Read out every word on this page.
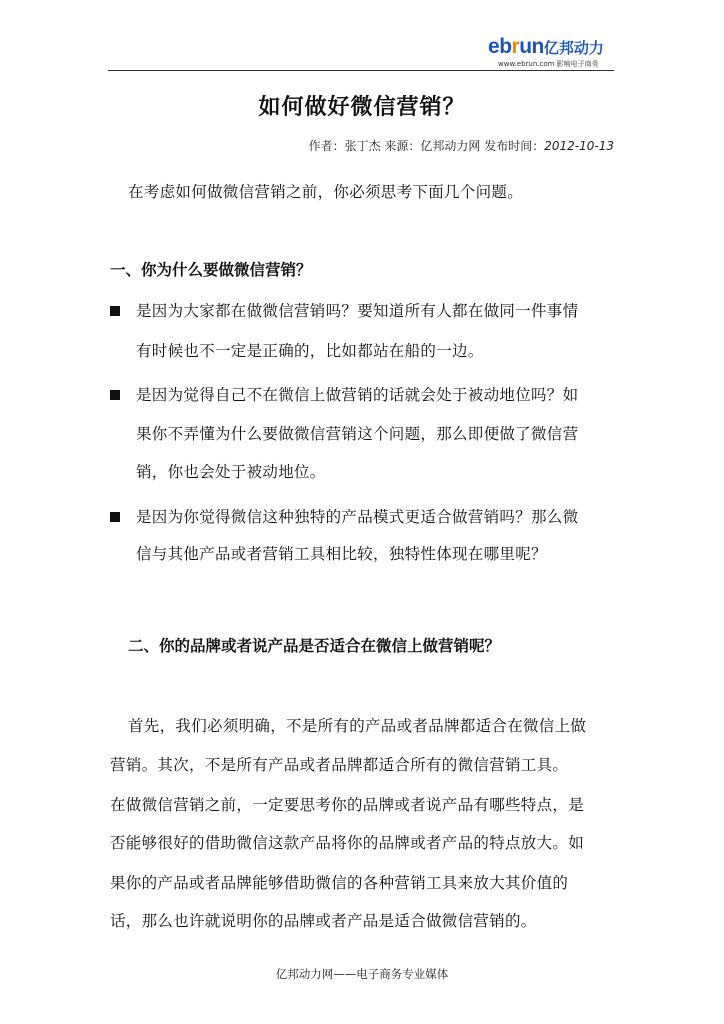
ebrun亿邦动力
www.ebrun.com 影响电子商务
如何做好微信营销？
作者：张丁杰 来源：亿邦动力网 发布时间：2012-10-13
在考虑如何做微信营销之前，你必须思考下面几个问题。
一、你为什么要做微信营销？
是因为大家都在做微信营销吗？要知道所有人都在做同一件事情
有时候也不一定是正确的，比如都站在船的一边。
是因为觉得自己不在微信上做营销的话就会处于被动地位吗？如
果你不弄懂为什么要做微信营销这个问题，那么即便做了微信营
销，你也会处于被动地位。
是因为你觉得微信这种独特的产品模式更适合做营销吗？那么微
信与其他产品或者营销工具相比较，独特性体现在哪里呢？
二、你的品牌或者说产品是否适合在微信上做营销呢？
首先，我们必须明确，不是所有的产品或者品牌都适合在微信上做
营销。其次，不是所有产品或者品牌都适合所有的微信营销工具。
在做微信营销之前，一定要思考你的品牌或者说产品有哪些特点，是
否能够很好的借助微信这款产品将你的品牌或者产品的特点放大。如
果你的产品或者品牌能够借助微信的各种营销工具来放大其价值的
话，那么也许就说明你的品牌或者产品是适合做微信营销的。
亿邦动力网——电子商务专业媒体
